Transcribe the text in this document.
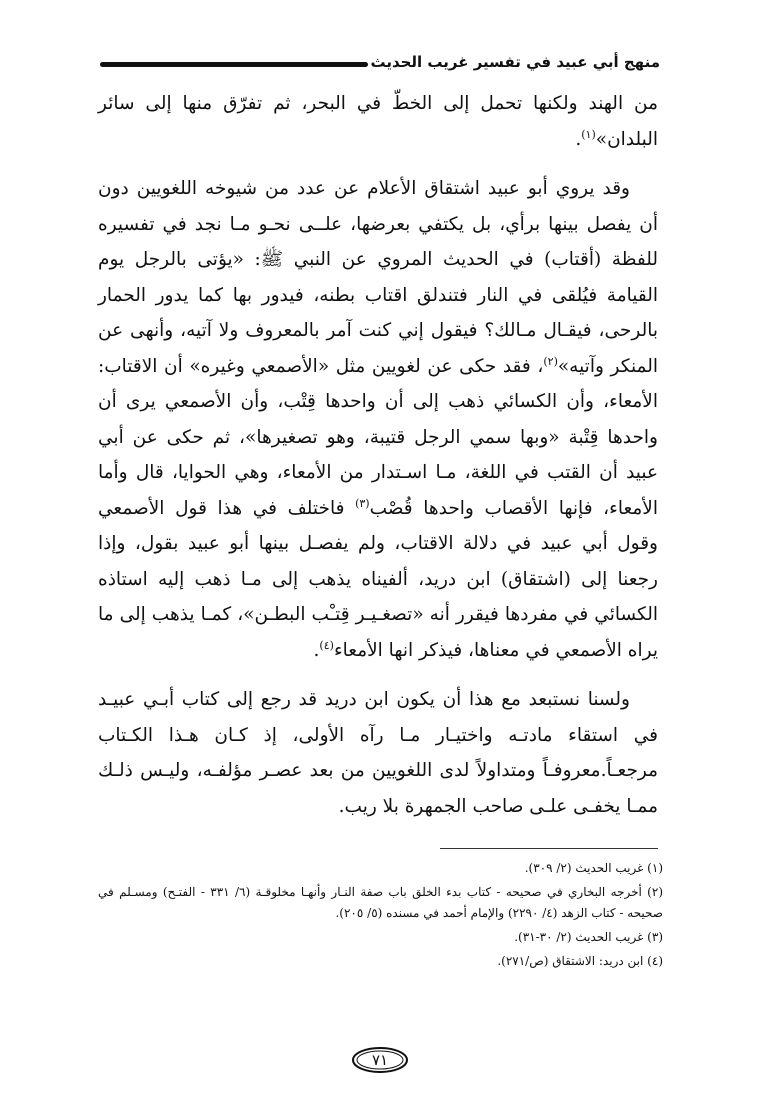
منهج أبي عبيد في تفسير غريب الحديث

من الهند ولكنها تحمل إلى الخطّ في البحر، ثم تفرّق منها إلى سائر البلدان»$^{(١)}$.

وقد يروي أبو عبيد اشتقاق الأعلام عن عدد من شيوخه اللغويين دون أن يفصل بينها برأي، بل يكتفي بعرضها، علــى نحـو مـا نجد في تفسيره للفظة (أقتاب) في الحديث المروي عن النبي ﷺ: «يؤتى بالرجل يوم القيامة فيُلقى في النار فتندلق اقتاب بطنه، فيدور بها كما يدور الحمار بالرحى، فيقـال مـالك؟ فيقول إني كنت آمر بالمعروف ولا آتيه، وأنهى عن المنكر وآتيه»$^{(٢)}$، فقد حكى عن لغويين مثل «الأصمعي وغيره» أن الاقتاب: الأمعاء، وأن الكسائي ذهب إلى أن واحدها قِتْب، وأن الأصمعي يرى أن واحدها قِتْبة «وبها سمي الرجل قتيبة، وهو تصغيرها»، ثم حكى عن أبي عبيد أن القتب في اللغة، مـا اسـتدار من الأمعاء، وهي الحوايا، قال وأما الأمعاء، فإنها الأقصاب واحدها قُصْب$^{(٣)}$ فاختلف في هذا قول الأصمعي وقول أبي عبيد في دلالة الاقتاب، ولم يفصـل بينها أبو عبيد بقول، وإذا رجعنا إلى (اشتقاق) ابن دريد، ألفيناه يذهب إلى مـا ذهب إليه استاذه الكسائي في مفردها فيقرر أنه «تصغـيـر قِتـْب البطـن»، كمـا يذهب إلى ما يراه الأصمعي في معناها، فيذكر انها الأمعاء$^{(٤)}$.

ولسنا نستبعد مع هذا أن يكون ابن دريد قد رجع إلى كتاب أبـي عبيـد في استقاء مادتـه واختيـار مـا رآه الأولى، إذ كـان هـذا الكـتاب مرجعـاً.معروفـاً ومتداولاً لدى اللغويين من بعد عصـر مؤلفـه، وليـس ذلـك ممـا يخفـى علـى صاحب الجمهرة بلا ريب.

(١) غريب الحديث (٢/ ٣٠٩).
(٢) أخرجه البخاري في صحيحه - كتاب بدء الخلق باب صفة النـار وأنهـا مخلوقـة (٦/ ٣٣١ - الفتـح) ومسـلم في صحيحه - كتاب الزهد (٤/ ٢٢٩٠) والإمام أحمد في مسنده (٥/ ٢٠٥).
(٣) غريب الحديث (٢/ ٣٠-٣١).
(٤) ابن دريد: الاشتقاق (ص/٢٧١).
٧١
